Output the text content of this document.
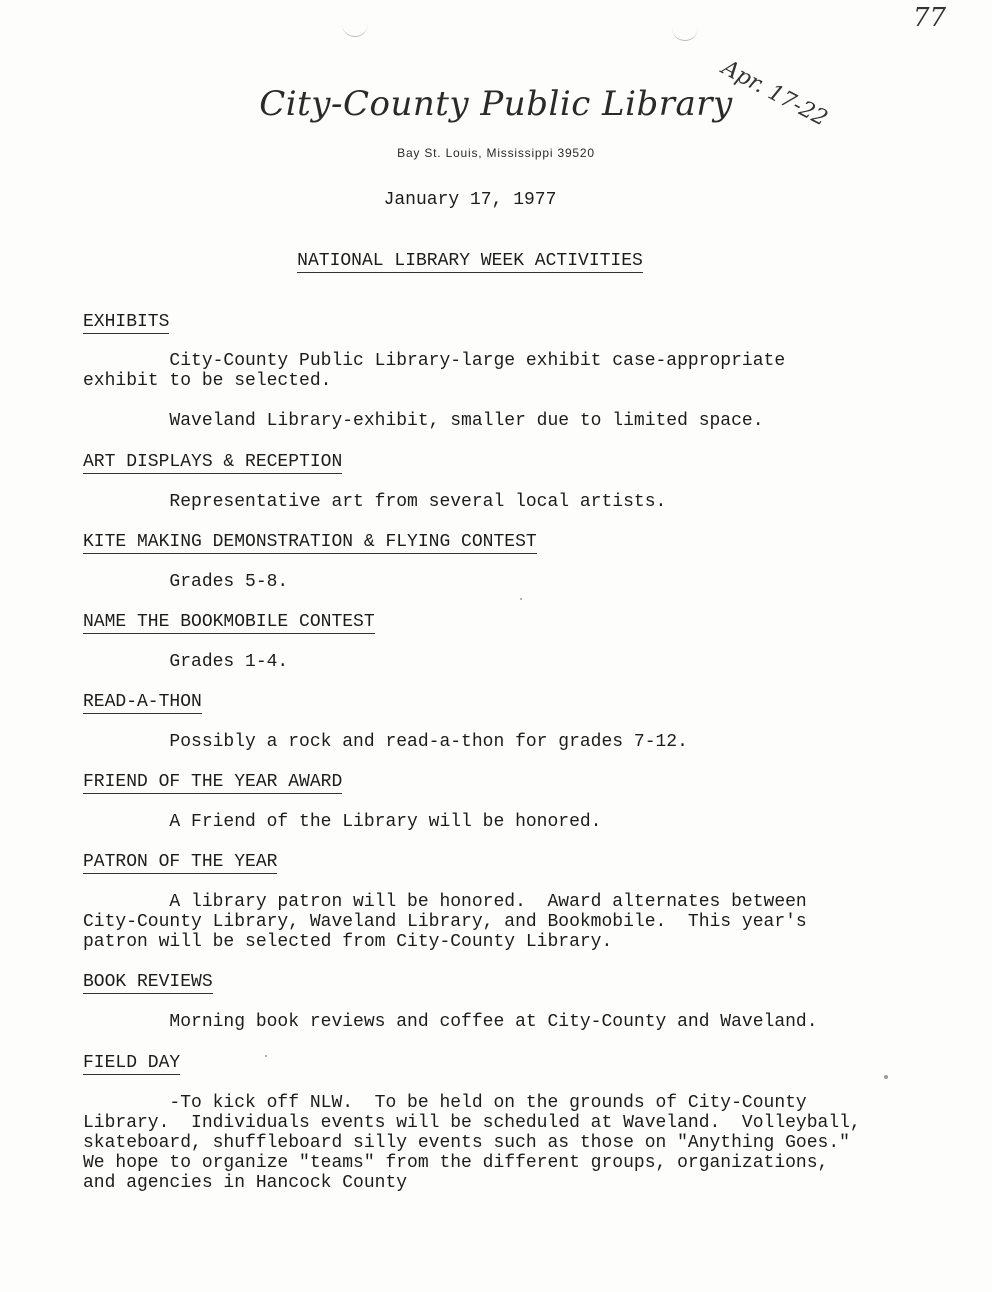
77
Apr. 17-22
City-County Public Library
Bay St. Louis, Mississippi 39520
January 17, 1977
NATIONAL LIBRARY WEEK ACTIVITIES
EXHIBITS
City-County Public Library-large exhibit case-appropriate
exhibit to be selected.
Waveland Library-exhibit, smaller due to limited space.
ART DISPLAYS & RECEPTION
Representative art from several local artists.
KITE MAKING DEMONSTRATION & FLYING CONTEST
Grades 5-8.
NAME THE BOOKMOBILE CONTEST
Grades 1-4.
READ-A-THON
Possibly a rock and read-a-thon for grades 7-12.
FRIEND OF THE YEAR AWARD
A Friend of the Library will be honored.
PATRON OF THE YEAR
A library patron will be honored.  Award alternates between
City-County Library, Waveland Library, and Bookmobile.  This year's
patron will be selected from City-County Library.
BOOK REVIEWS
Morning book reviews and coffee at City-County and Waveland.
FIELD DAY
-To kick off NLW.  To be held on the grounds of City-County
Library.  Individuals events will be scheduled at Waveland.  Volleyball,
skateboard, shuffleboard silly events such as those on "Anything Goes."
We hope to organize "teams" from the different groups, organizations,
and agencies in Hancock County
